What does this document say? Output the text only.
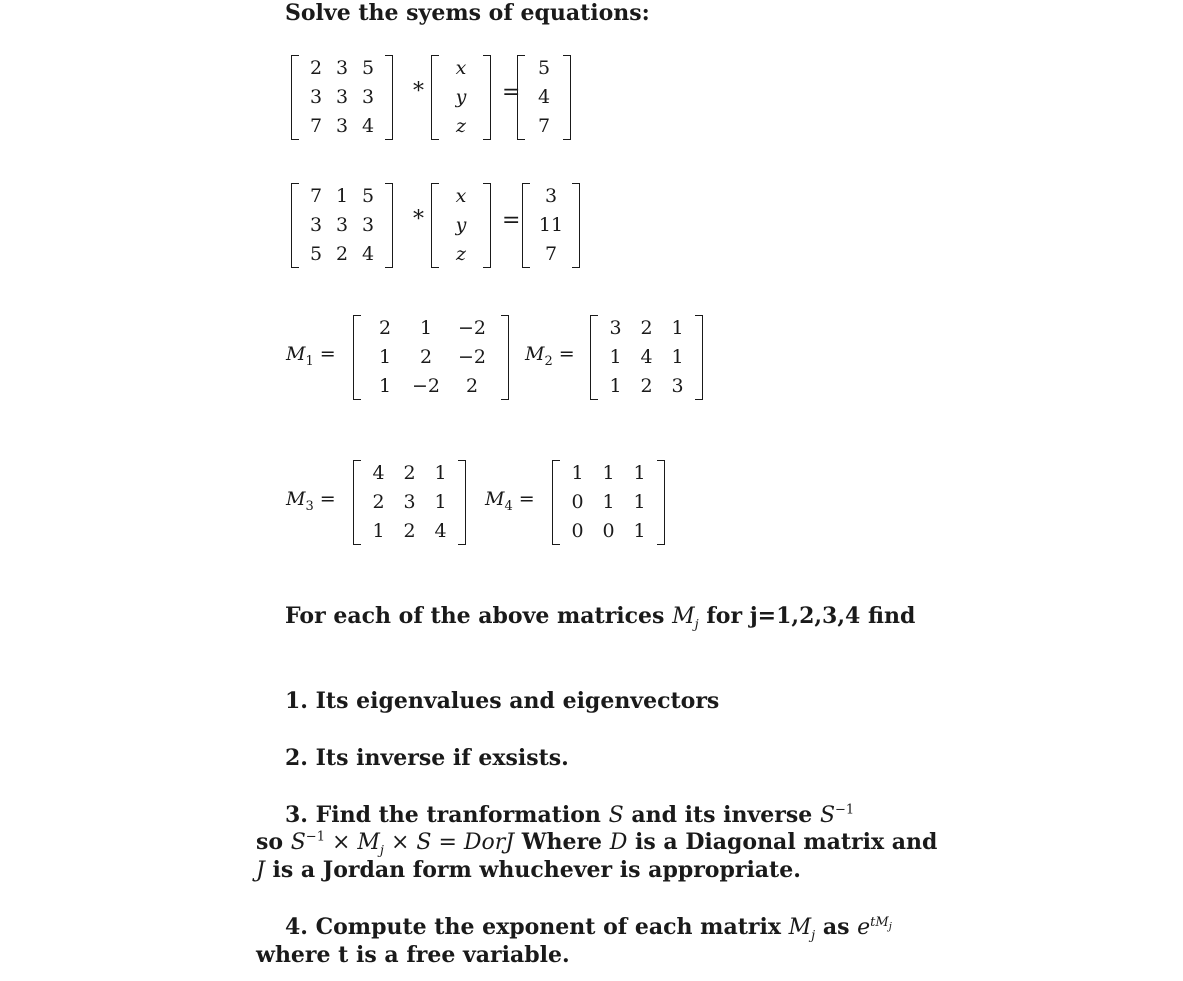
Solve the syems of equations:
2 3 5
3 3 3
7 3 4
*
x
y
z
=
5
4
7
7 1 5
3 3 3
5 2 4
*
x
y
z
=
3
11
7
$M_1$ =
2 1 −2
1 2 −2
1 −2 2
$M_2$ =
3 2 1
1 4 1
1 2 3
$M_3$ =
4 2 1
2 3 1
1 2 4
$M_4$ =
1 1 1
0 1 1
0 0 1
For each of the above matrices $M_j$ for j=1,2,3,4 find
1. Its eigenvalues and eigenvectors
2. Its inverse if exsists.
3. Find the tranformation S and its inverse $S^{-1}$
so $S^{-1} \times M_j \times S$ = DorJ Where D is a Diagonal matrix and
J is a Jordan form whuchever is appropriate.
4. Compute the exponent of each matrix $M_j$ as $e^{tM_j}$
where t is a free variable.
